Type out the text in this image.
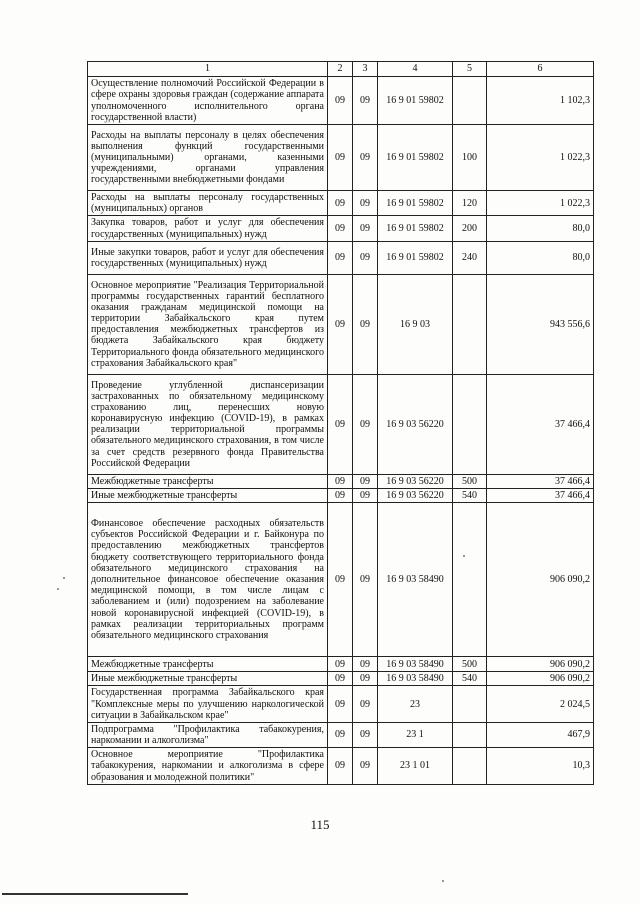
1	2	3	4	5	6
Осуществление полномочий Российской Федерации в сфере охраны здоровья граждан (содержание аппарата уполномоченного исполнительного органа государственной власти)	09	09	16 9 01 59802		1 102,3
Расходы на выплаты персоналу в целях обеспечения выполнения функций государственными (муниципальными) органами, казенными учреждениями, органами управления государственными внебюджетными фондами	09	09	16 9 01 59802	100	1 022,3
Расходы на выплаты персоналу государственных (муниципальных) органов	09	09	16 9 01 59802	120	1 022,3
Закупка товаров, работ и услуг для обеспечения государственных (муниципальных) нужд	09	09	16 9 01 59802	200	80,0
Иные закупки товаров, работ и услуг для обеспечения государственных (муниципальных) нужд	09	09	16 9 01 59802	240	80,0
Основное мероприятие "Реализация Территориальной программы государственных гарантий бесплатного оказания гражданам медицинской помощи на территории Забайкальского края путем предоставления межбюджетных трансфертов из бюджета Забайкальского края бюджету Территориального фонда обязательного медицинского страхования Забайкальского края"	09	09	16 9 03		943 556,6
Проведение углубленной диспансеризации застрахованных по обязательному медицинскому страхованию лиц, перенесших новую коронавирусную инфекцию (COVID-19), в рамках реализации территориальной программы обязательного медицинского страхования, в том числе за счет средств резервного фонда Правительства Российской Федерации	09	09	16 9 03 56220		37 466,4
Межбюджетные трансферты	09	09	16 9 03 56220	500	37 466,4
Иные межбюджетные трансферты	09	09	16 9 03 56220	540	37 466,4
Финансовое обеспечение расходных обязательств субъектов Российской Федерации и г. Байконура по предоставлению межбюджетных трансфертов бюджету соответствующего территориального фонда обязательного медицинского страхования на дополнительное финансовое обеспечение оказания медицинской помощи, в том числе лицам с заболеванием и (или) подозрением на заболевание новой коронавирусной инфекцией (COVID-19), в рамках реализации территориальных программ обязательного медицинского страхования	09	09	16 9 03 58490		906 090,2
Межбюджетные трансферты	09	09	16 9 03 58490	500	906 090,2
Иные межбюджетные трансферты	09	09	16 9 03 58490	540	906 090,2
Государственная программа Забайкальского края "Комплексные меры по улучшению наркологической ситуации в Забайкальском крае"	09	09	23		2 024,5
Подпрограмма "Профилактика табакокурения, наркомании и алкоголизма"	09	09	23 1		467,9
Основное мероприятие "Профилактика табакокурения, наркомании и алкоголизма в сфере образования и молодежной политики"	09	09	23 1 01		10,3
115
